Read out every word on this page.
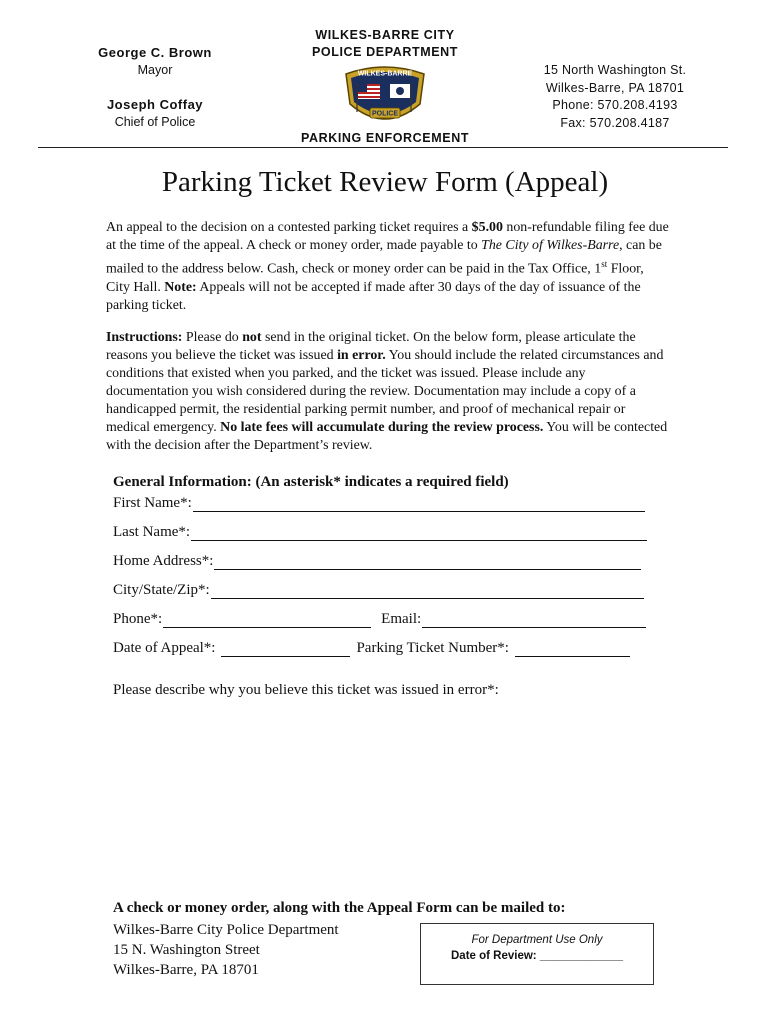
George C. Brown
Mayor
Joseph Coffay
Chief of Police
WILKES-BARRE CITY
POLICE DEPARTMENT
POLICE
WILKES-BARRE
PARKING ENFORCEMENT
15 North Washington St.
Wilkes-Barre, PA 18701
Phone: 570.208.4193
Fax: 570.208.4187
Parking Ticket Review Form (Appeal)
An appeal to the decision on a contested parking ticket requires a $5.00 non-refundable filing fee due at the time of the appeal. A check or money order, made payable to The City of Wilkes-Barre, can be mailed to the address below. Cash, check or money order can be paid in the Tax Office, 1st Floor, City Hall. Note: Appeals will not be accepted if made after 30 days of the day of issuance of the parking ticket.
Instructions: Please do not send in the original ticket. On the below form, please articulate the reasons you believe the ticket was issued in error. You should include the related circumstances and conditions that existed when you parked, and the ticket was issued. Please include any documentation you wish considered during the review. Documentation may include a copy of a handicapped permit, the residential parking permit number, and proof of mechanical repair or medical emergency. No late fees will accumulate during the review process. You will be contected with the decision after the Department’s review.
General Information: (An asterisk* indicates a required field)
First Name*:
Last Name*:
Home Address*:
City/State/Zip*:
Phone*:	Email:
Date of Appeal*:	Parking Ticket Number*:
Please describe why you believe this ticket was issued in error*:
A check or money order, along with the Appeal Form can be mailed to:
Wilkes-Barre City Police Department
15 N. Washington Street
Wilkes-Barre, PA 18701
For Department Use Only
Date of Review: _____________
